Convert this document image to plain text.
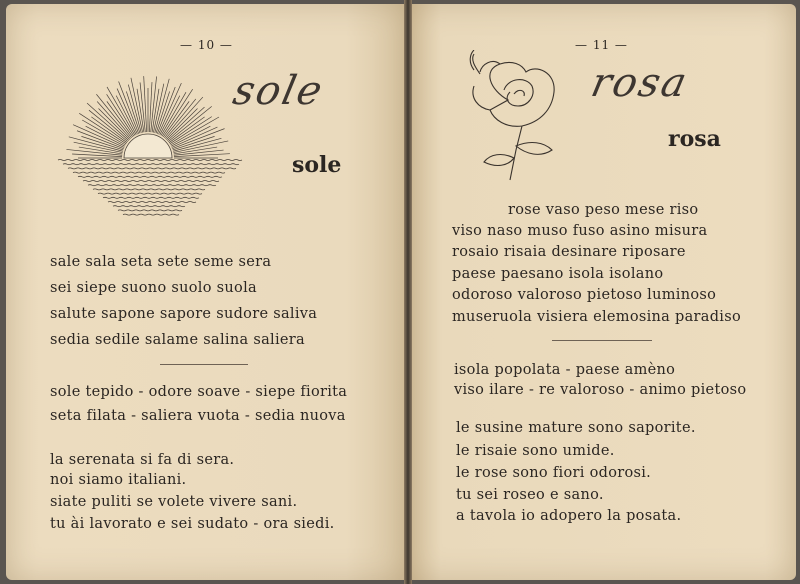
— 10 —
sole
sole
sale sala seta sete seme sera
sei siepe suono suolo suola
salute sapone sapore sudore saliva
sedia sedile salame salina saliera
sole tepido - odore soave - siepe fiorita
seta filata - saliera vuota - sedia nuova
la serenata si fa di sera.
noi siamo italiani.
siate puliti se volete vivere sani.
tu ài lavorato e sei sudato - ora siedi.
— 11 —
rosa
rosa
rose vaso peso mese riso
viso naso muso fuso asino misura
rosaio risaia desinare riposare
paese paesano isola isolano
odoroso valoroso pietoso luminoso
museruola visiera elemosina paradiso
isola popolata - paese amèno
viso ilare - re valoroso - animo pietoso
le susine mature sono saporite.
le risaie sono umide.
le rose sono fiori odorosi.
tu sei roseo e sano.
a tavola io adopero la posata.
